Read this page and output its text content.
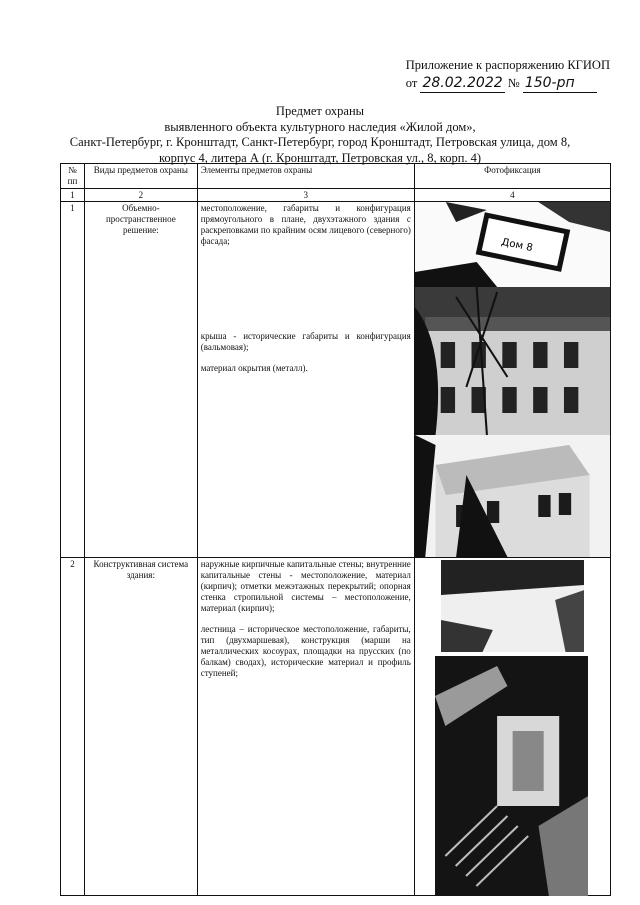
Приложение к распоряжению КГИОП
от 28.02.2022 № 150-рп
Предмет охраны
выявленного объекта культурного наследия «Жилой дом»,
Санкт-Петербург, г. Кронштадт, Санкт-Петербург, город Кронштадт, Петровская улица, дом 8,
корпус 4, литера А (г. Кронштадт, Петровская ул., 8, корп. 4)
№ пп	Виды предметов охраны	Элементы предметов охраны	Фотофиксация
1	2	3	4
1	Объемно-пространственное решение:	местоположение, габариты и конфигурация прямоугольного в плане, двухэтажного здания с раскреповками по крайним осям лицевого (северного) фасада;

крыша - исторические габариты и конфигурация (вальмовая);

материал окрытия (металл).	Дом 8

2	Конструктивная система здания:	наружные кирпичные капитальные стены; внутренние капитальные стены - местоположение, материал (кирпич); отметки межэтажных перекрытий; опорная стенка стропильной системы – местоположение, материал (кирпич);

лестница – историческое местоположение, габариты, тип (двухмаршевая), конструкция (марши на металлических косоурах, площадки на прусских (по балкам) сводах), исторические материал и профиль ступеней;
